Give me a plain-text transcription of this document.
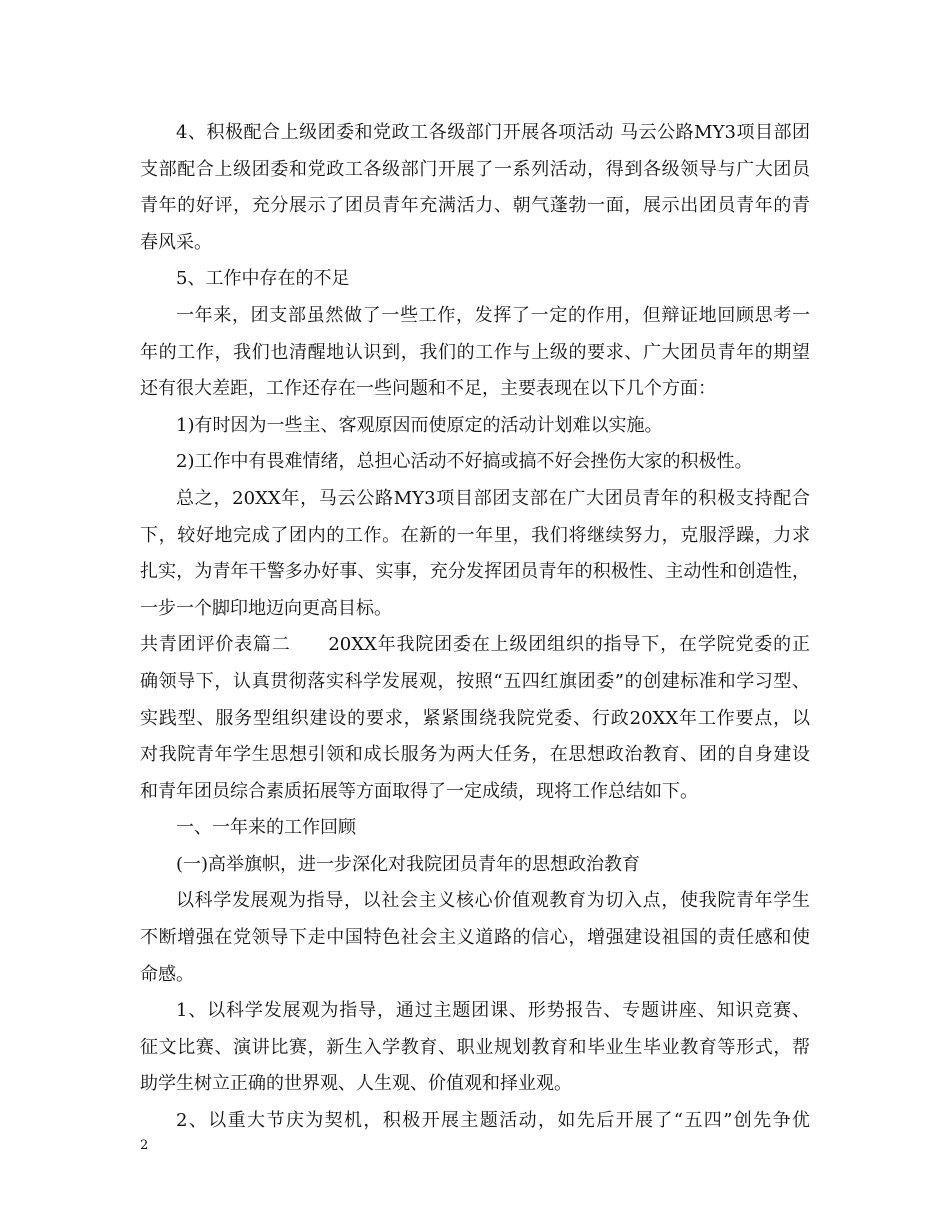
4、积极配合上级团委和党政工各级部门开展各项活动 马云公路MY3项目部团
支部配合上级团委和党政工各级部门开展了一系列活动，得到各级领导与广大团员
青年的好评，充分展示了团员青年充满活力、朝气蓬勃一面，展示出团员青年的青
春风采。
5、工作中存在的不足
一年来，团支部虽然做了一些工作，发挥了一定的作用，但辩证地回顾思考一
年的工作，我们也清醒地认识到，我们的工作与上级的要求、广大团员青年的期望
还有很大差距，工作还存在一些问题和不足，主要表现在以下几个方面：
1)有时因为一些主、客观原因而使原定的活动计划难以实施。
2)工作中有畏难情绪，总担心活动不好搞或搞不好会挫伤大家的积极性。
总之，20XX年，马云公路MY3项目部团支部在广大团员青年的积极支持配合
下，较好地完成了团内的工作。在新的一年里，我们将继续努力，克服浮躁，力求
扎实，为青年干警多办好事、实事，充分发挥团员青年的积极性、主动性和创造性，
一步一个脚印地迈向更高目标。
共青团评价表篇二　　20XX年我院团委在上级团组织的指导下，在学院党委的正
确领导下，认真贯彻落实科学发展观，按照“五四红旗团委”的创建标准和学习型、
实践型、服务型组织建设的要求，紧紧围绕我院党委、行政20XX年工作要点，以
对我院青年学生思想引领和成长服务为两大任务，在思想政治教育、团的自身建设
和青年团员综合素质拓展等方面取得了一定成绩，现将工作总结如下。
一、一年来的工作回顾
(一)高举旗帜，进一步深化对我院团员青年的思想政治教育
以科学发展观为指导，以社会主义核心价值观教育为切入点，使我院青年学生
不断增强在党领导下走中国特色社会主义道路的信心，增强建设祖国的责任感和使
命感。
1、以科学发展观为指导，通过主题团课、形势报告、专题讲座、知识竞赛、
征文比赛、演讲比赛，新生入学教育、职业规划教育和毕业生毕业教育等形式，帮
助学生树立正确的世界观、人生观、价值观和择业观。
2、以重大节庆为契机，积极开展主题活动，如先后开展了“五四”创先争优
2
